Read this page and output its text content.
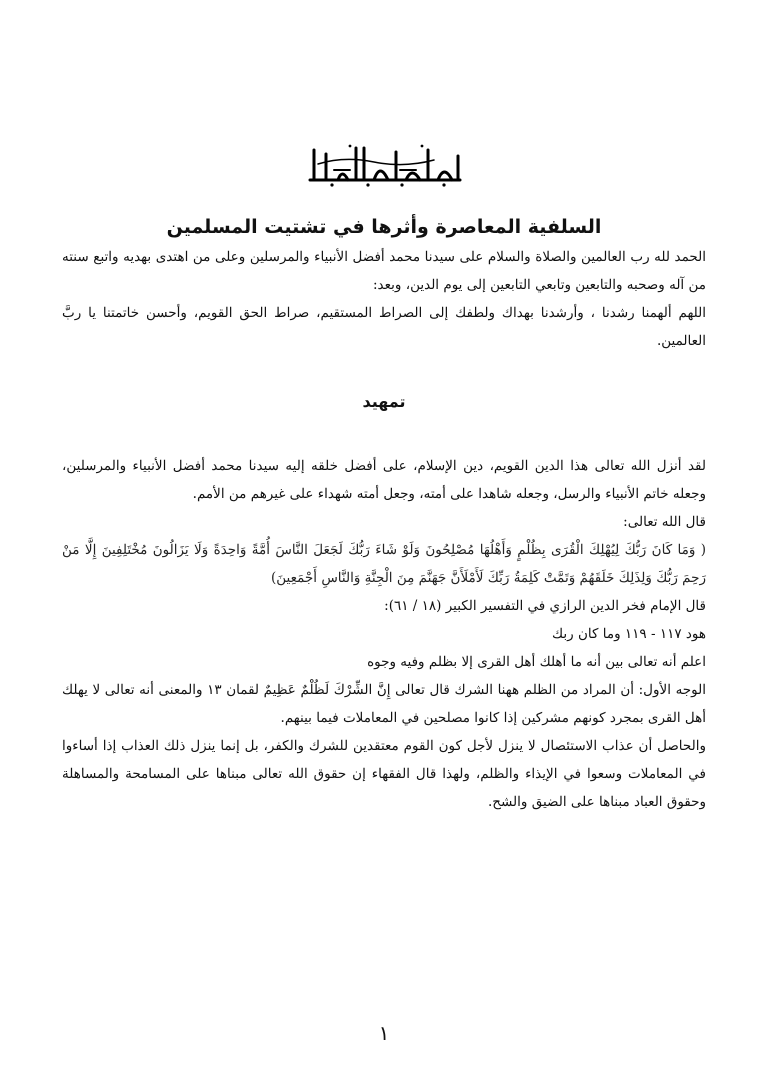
السلفية المعاصرة وأثرها في تشتيت المسلمين

الحمد لله رب العالمين والصلاة والسلام على سيدنا محمد أفضل الأنبياء والمرسلين وعلى من اهتدى بهديه واتبع سنته من آله وصحبه والتابعين وتابعي التابعين إلى يوم الدين، وبعد:

اللهم ألهمنا رشدنا ، وأرشدنا بهداك ولطفك إلى الصراط المستقيم، صراط الحق القويم، وأحسن خاتمتنا يا ربَّ العالمين.

تمهيد

لقد أنزل الله تعالى هذا الدين القويم، دين الإسلام، على أفضل خلقه إليه سيدنا محمد أفضل الأنبياء والمرسلين، وجعله خاتم الأنبياء والرسل، وجعله شاهدا على أمته، وجعل أمته شهداء على غيرهم من الأمم.

قال الله تعالى:

( وَمَا كَانَ رَبُّكَ لِيُهْلِكَ الْقُرَى بِظُلْمٍ وَأَهْلُهَا مُصْلِحُونَ وَلَوْ شَاءَ رَبُّكَ لَجَعَلَ النَّاسَ أُمَّةً وَاحِدَةً وَلَا يَزَالُونَ مُخْتَلِفِينَ إِلَّا مَنْ رَحِمَ رَبُّكَ وَلِذَلِكَ خَلَقَهُمْ وَتَمَّتْ كَلِمَةُ رَبِّكَ لَأَمْلَأَنَّ جَهَنَّمَ مِنَ الْجِنَّةِ وَالنَّاسِ أَجْمَعِينَ)

قال الإمام فخر الدين الرازي في التفسير الكبير (١٨ / ٦١):

هود ١١٧ - ١١٩ وما كان ربك

اعلم أنه تعالى بين أنه ما أهلك أهل القرى إلا بظلم وفيه وجوه

الوجه الأول: أن المراد من الظلم ههنا الشرك قال تعالى إِنَّ الشِّرْكَ لَظُلْمٌ عَظِيمٌ لقمان ١٣ والمعنى أنه تعالى لا يهلك أهل القرى بمجرد كونهم مشركين إذا كانوا مصلحين في المعاملات فيما بينهم.

والحاصل أن عذاب الاستئصال لا ينزل لأجل كون القوم معتقدين للشرك والكفر، بل إنما ينزل ذلك العذاب إذا أساءوا في المعاملات وسعوا في الإيذاء والظلم، ولهذا قال الفقهاء إن حقوق الله تعالى مبناها على المسامحة والمساهلة وحقوق العباد مبناها على الضيق والشح.

١
